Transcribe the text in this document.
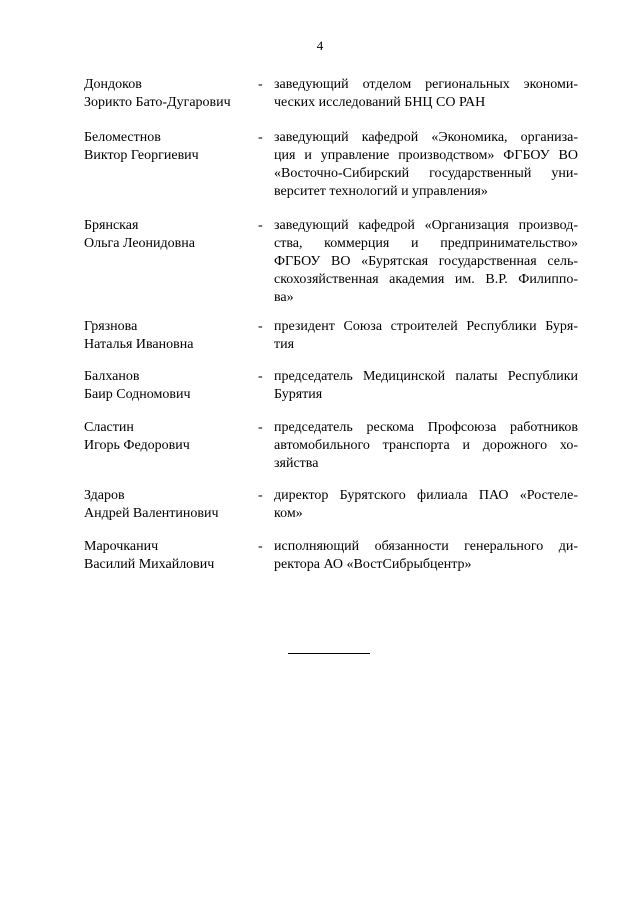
4
Дондоков
Зорикто Бато-Дугарович
- заведующий отделом региональных экономи-
ческих исследований БНЦ СО РАН
Беломестнов
Виктор Георгиевич
- заведующий кафедрой «Экономика, организа-
ция и управление производством» ФГБОУ ВО
«Восточно-Сибирский государственный уни-
верситет технологий и управления»
Брянская
Ольга Леонидовна
- заведующий кафедрой «Организация производ-
ства, коммерция и предпринимательство»
ФГБОУ ВО «Бурятская государственная сель-
скохозяйственная академия им. В.Р. Филиппо-
ва»
Грязнова
Наталья Ивановна
- президент Союза строителей Республики Буря-
тия
Балханов
Баир Содномович
- председатель Медицинской палаты Республики
Бурятия
Сластин
Игорь Федорович
- председатель рескома Профсоюза работников
автомобильного транспорта и дорожного хо-
зяйства
Здаров
Андрей Валентинович
- директор Бурятского филиала ПАО «Ростеле-
ком»
Марочканич
Василий Михайлович
- исполняющий обязанности генерального ди-
ректора АО «ВостСибрыбцентр»
